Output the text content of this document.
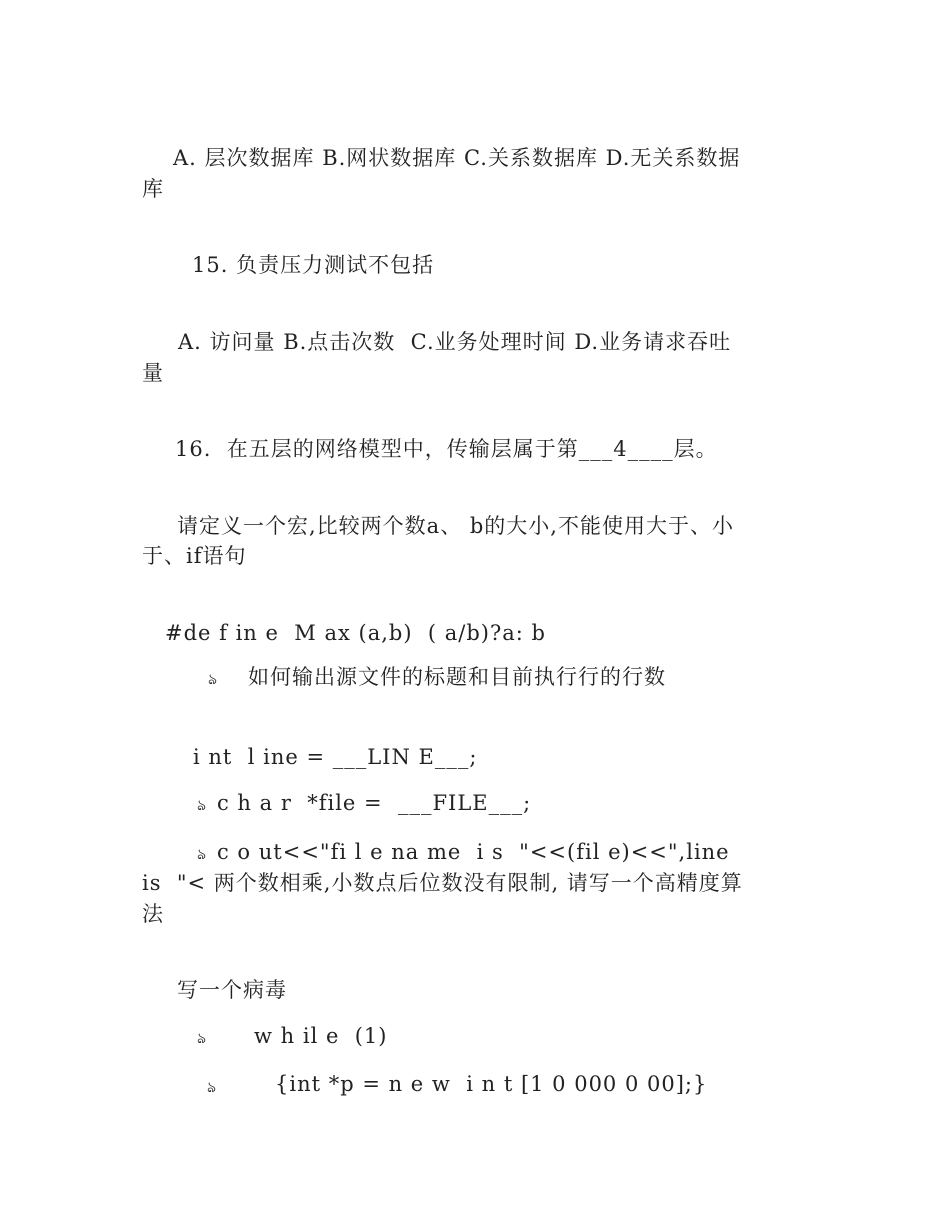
A. 层次数据库 B.网状数据库 C.关系数据库 D.无关系数据
库
15. 负责压力测试不包括
A. 访问量 B.点击次数  C.业务处理时间 D.业务请求吞吐
量
16.  在五层的网络模型中，传输层属于第___4____层。
请定义一个宏,比较两个数a、 b的大小,不能使用大于、小
于、if语句
#de f in e  M ax (a,b)  ( a/b)?a: b
ঌ 如何输出源文件的标题和目前执行行的行数
i nt  l ine = ___LIN E___;
ঌ c h a r  *file =  ___FILE___;
ঌ c o ut<<"fi l e na me  i s  "<<(fil e)<<",line
is  "< 两个数相乘,小数点后位数没有限制, 请写一个高精度算
法
写一个病毒
ঌ w h il e  (1)
ঌ	{int *p = n e w  i n t [1 0 000 0 00];}
